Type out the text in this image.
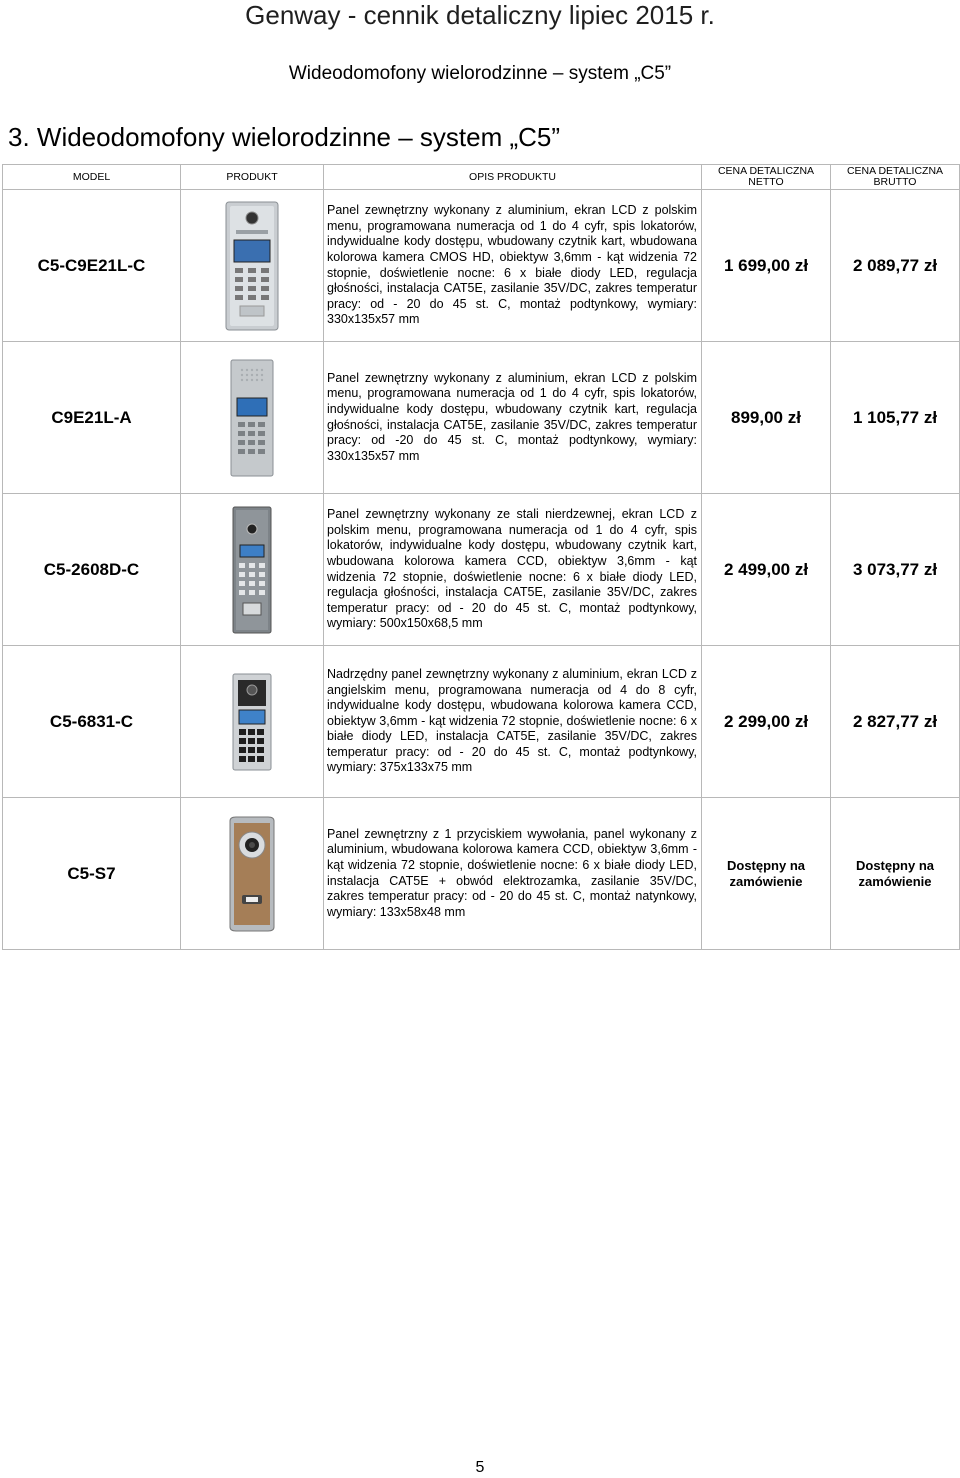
Genway - cennik detaliczny lipiec 2015 r.
Wideodomofony wielorodzinne – system „C5”
3. Wideodomofony wielorodzinne – system „C5”
MODEL	PRODUKT	OPIS PRODUKTU	CENA DETALICZNA NETTO	CENA DETALICZNA BRUTTO
C5-C9E21L-C		Panel zewnętrzny wykonany z aluminium, ekran LCD z polskim menu, programowana numeracja od 1 do 4 cyfr, spis lokatorów, indywidualne kody dostępu, wbudowany czytnik kart, wbudowana kolorowa kamera CMOS HD, obiektyw 3,6mm - kąt widzenia 72 stopnie, doświetlenie nocne: 6 x białe diody LED, regulacja głośności, instalacja CAT5E, zasilanie 35V/DC, zakres temperatur pracy: od - 20 do 45 st. C, montaż podtynkowy, wymiary: 330x135x57 mm	1 699,00 zł	2 089,77 zł
C9E21L-A		Panel zewnętrzny wykonany z aluminium, ekran LCD z polskim menu, programowana numeracja od 1 do 4 cyfr, spis lokatorów, indywidualne kody dostępu, wbudowany czytnik kart, regulacja głośności, instalacja CAT5E, zasilanie 35V/DC, zakres temperatur pracy: od -20 do 45 st. C, montaż podtynkowy, wymiary: 330x135x57 mm	899,00 zł	1 105,77 zł
C5-2608D-C		Panel zewnętrzny wykonany ze stali nierdzewnej, ekran LCD z polskim menu, programowana numeracja od 1 do 4 cyfr, spis lokatorów, indywidualne kody dostępu, wbudowany czytnik kart, wbudowana kolorowa kamera CCD, obiektyw 3,6mm - kąt widzenia 72 stopnie, doświetlenie nocne: 6 x białe diody LED, regulacja głośności, instalacja CAT5E, zasilanie 35V/DC, zakres temperatur pracy: od - 20 do 45 st. C, montaż podtynkowy, wymiary: 500x150x68,5 mm	2 499,00 zł	3 073,77 zł
C5-6831-C		Nadrzędny panel zewnętrzny wykonany z aluminium, ekran LCD z angielskim menu, programowana numeracja od 4 do 8 cyfr, indywidualne kody dostępu, wbudowana kolorowa kamera CCD, obiektyw 3,6mm - kąt widzenia 72 stopnie, doświetlenie nocne: 6 x białe diody LED, instalacja CAT5E, zasilanie 35V/DC, zakres temperatur pracy: od - 20 do 45 st. C, montaż podtynkowy, wymiary: 375x133x75 mm	2 299,00 zł	2 827,77 zł
C5-S7		Panel zewnętrzny z 1 przyciskiem wywołania, panel wykonany z aluminium, wbudowana kolorowa kamera CCD, obiektyw 3,6mm - kąt widzenia 72 stopnie, doświetlenie nocne: 6 x białe diody LED, instalacja CAT5E + obwód elektrozamka, zasilanie 35V/DC, zakres temperatur pracy: od - 20 do 45 st. C, montaż natynkowy, wymiary: 133x58x48 mm	Dostępny na zamówienie	Dostępny na zamówienie
5
